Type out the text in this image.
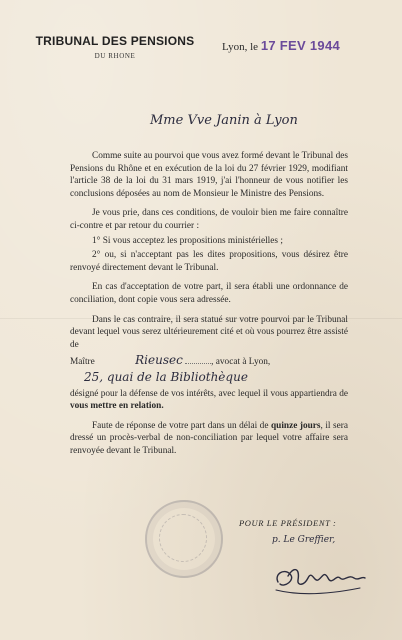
TRIBUNAL DES PENSIONS
DU RHONE
Lyon, le 17 FEV 1944
Mme Vve Janin à Lyon

Comme suite au pourvoi que vous avez formé devant le Tribunal des Pensions du Rhône et en exécution de la loi du 27 février 1929, modifiant l'article 38 de la loi du 31 mars 1919, j'ai l'honneur de vous notifier les conclusions déposées au nom de Monsieur le Ministre des Pensions.

Je vous prie, dans ces conditions, de vouloir bien me faire connaître ci-contre et par retour du courrier :

1° Si vous acceptez les propositions ministérielles ;

2° ou, si n'acceptant pas les dites propositions, vous désirez être renvoyé directement devant le Tribunal.

En cas d'acceptation de votre part, il sera établi une ordonnance de conciliation, dont copie vous sera adressée.

Dans le cas contraire, il sera statué sur votre pourvoi par le Tribunal devant lequel vous serez ultérieurement cité et où vous pourrez être assisté de

Maître	Rieusec	, avocat à Lyon,

25, quai de la Bibliothèque

désigné pour la défense de vos intérêts, avec lequel il vous appartiendra de vous mettre en relation.

Faute de réponse de votre part dans un délai de quinze jours, il sera dressé un procès-verbal de non-conciliation par lequel votre affaire sera renvoyée devant le Tribunal.

POUR LE PRÉSIDENT :
p. Le Greffier,
